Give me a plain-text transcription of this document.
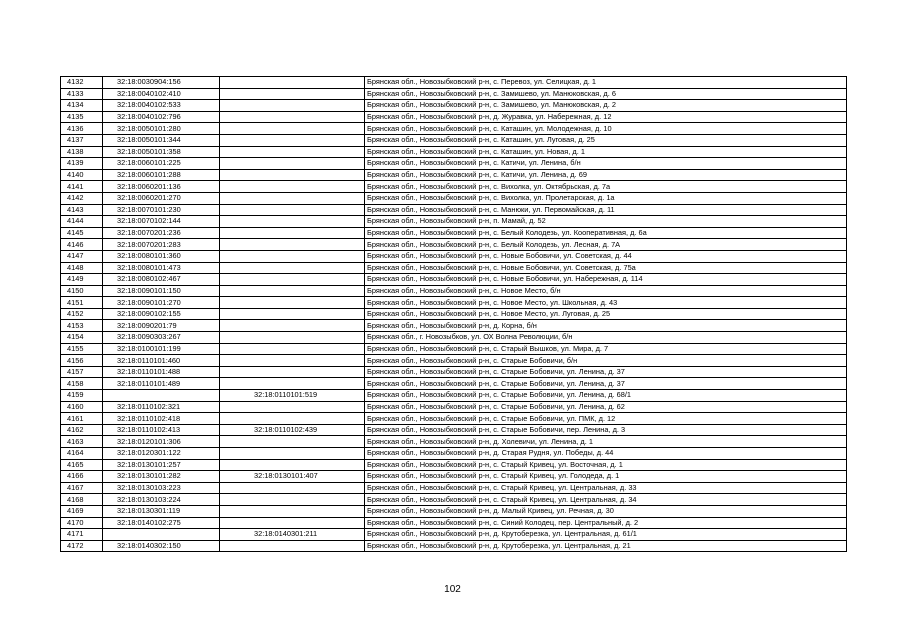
4132	32:18:0030904:156		Брянская обл., Новозыбковский р-н, с. Перевоз, ул. Селицкая, д. 1
4133	32:18:0040102:410		Брянская обл., Новозыбковский р-н, с. Замишево, ул. Манюковская, д. 6
4134	32:18:0040102:533		Брянская обл., Новозыбковский р-н, с. Замишево, ул. Манюковская, д. 2
4135	32:18:0040102:796		Брянская обл., Новозыбковский р-н, д. Журавка, ул. Набережная, д. 12
4136	32:18:0050101:280		Брянская обл., Новозыбковский р-н, с. Каташин, ул. Молодежная, д. 10
4137	32:18:0050101:344		Брянская обл., Новозыбковский р-н, с. Каташин, ул. Луговая, д. 25
4138	32:18:0050101:358		Брянская обл., Новозыбковский р-н, с. Каташин, ул. Новая, д. 1
4139	32:18:0060101:225		Брянская обл., Новозыбковский р-н, с. Катичи, ул. Ленина, б/н
4140	32:18:0060101:288		Брянская обл., Новозыбковский р-н, с. Катичи, ул. Ленина, д. 69
4141	32:18:0060201:136		Брянская обл., Новозыбковский р-н, с. Вихолка, ул. Октябрьская, д. 7а
4142	32:18:0060201:270		Брянская обл., Новозыбковский р-н, с. Вихолка, ул. Пролетарская, д. 1а
4143	32:18:0070101:230		Брянская обл., Новозыбковский р-н, с. Манюки, ул. Первомайская, д. 11
4144	32:18:0070102:144		Брянская обл., Новозыбковский р-н, п. Мамай, д. 52
4145	32:18:0070201:236		Брянская обл., Новозыбковский р-н, с. Белый Колодезь, ул. Кооперативная, д. 6а
4146	32:18:0070201:283		Брянская обл., Новозыбковский р-н, с. Белый Колодезь, ул. Лесная, д. 7А
4147	32:18:0080101:360		Брянская обл., Новозыбковский р-н, с. Новые Бобовичи, ул. Советская, д. 44
4148	32:18:0080101:473		Брянская обл., Новозыбковский р-н, с. Новые Бобовичи, ул. Советская, д. 75а
4149	32:18:0080102:467		Брянская обл., Новозыбковский р-н, с. Новые Бобовичи, ул. Набережная, д. 114
4150	32:18:0090101:150		Брянская обл., Новозыбковский р-н, с. Новое Место, б/н
4151	32:18:0090101:270		Брянская обл., Новозыбковский р-н, с. Новое Место, ул. Школьная, д. 43
4152	32:18:0090102:155		Брянская обл., Новозыбковский р-н, с. Новое Место, ул. Луговая, д. 25
4153	32:18:0090201:79		Брянская обл., Новозыбковский р-н, д. Корна, б/н
4154	32:18:0090303:267		Брянская обл., г. Новозыбков, ул. ОХ Волна Революции, б/н
4155	32:18:0100101:199		Брянская обл., Новозыбковский р-н, с. Старый Вышков, ул. Мира, д. 7
4156	32:18:0110101:460		Брянская обл., Новозыбковский р-н, с. Старые Бобовичи, б/н
4157	32:18:0110101:488		Брянская обл., Новозыбковский р-н, с. Старые Бобовичи, ул. Ленина, д. 37
4158	32:18:0110101:489		Брянская обл., Новозыбковский р-н, с. Старые Бобовичи, ул. Ленина, д. 37
4159		32:18:0110101:519	Брянская обл., Новозыбковский р-н, с. Старые Бобовичи, ул. Ленина, д. 68/1
4160	32:18:0110102:321		Брянская обл., Новозыбковский р-н, с. Старые Бобовичи, ул. Ленина, д. 62
4161	32:18:0110102:418		Брянская обл., Новозыбковский р-н, с. Старые Бобовичи, ул. ПМК, д. 12
4162	32:18:0110102:413	32:18:0110102:439	Брянская обл., Новозыбковский р-н, с. Старые Бобовичи, пер. Ленина, д. 3
4163	32:18:0120101:306		Брянская обл., Новозыбковский р-н, д. Холевичи, ул. Ленина, д. 1
4164	32:18:0120301:122		Брянская обл., Новозыбковский р-н, д. Старая Рудня, ул. Победы, д. 44
4165	32:18:0130101:257		Брянская обл., Новозыбковский р-н, с. Старый Кривец, ул. Восточная, д. 1
4166	32:18:0130101:282	32:18:0130101:407	Брянская обл., Новозыбковский р-н, с. Старый Кривец, ул. Голодеда, д. 1
4167	32:18:0130103:223		Брянская обл., Новозыбковский р-н, с. Старый Кривец, ул. Центральная, д. 33
4168	32:18:0130103:224		Брянская обл., Новозыбковский р-н, с. Старый Кривец, ул. Центральная, д. 34
4169	32:18:0130301:119		Брянская обл., Новозыбковский р-н, д. Малый Кривец, ул. Речная, д. 30
4170	32:18:0140102:275		Брянская обл., Новозыбковский р-н, с. Синий Колодец, пер. Центральный, д. 2
4171		32:18:0140301:211	Брянская обл., Новозыбковский р-н, д. Крутоберезка, ул. Центральная, д. 61/1
4172	32:18:0140302:150		Брянская обл., Новозыбковский р-н, д. Крутоберезка, ул. Центральная, д. 21
102
